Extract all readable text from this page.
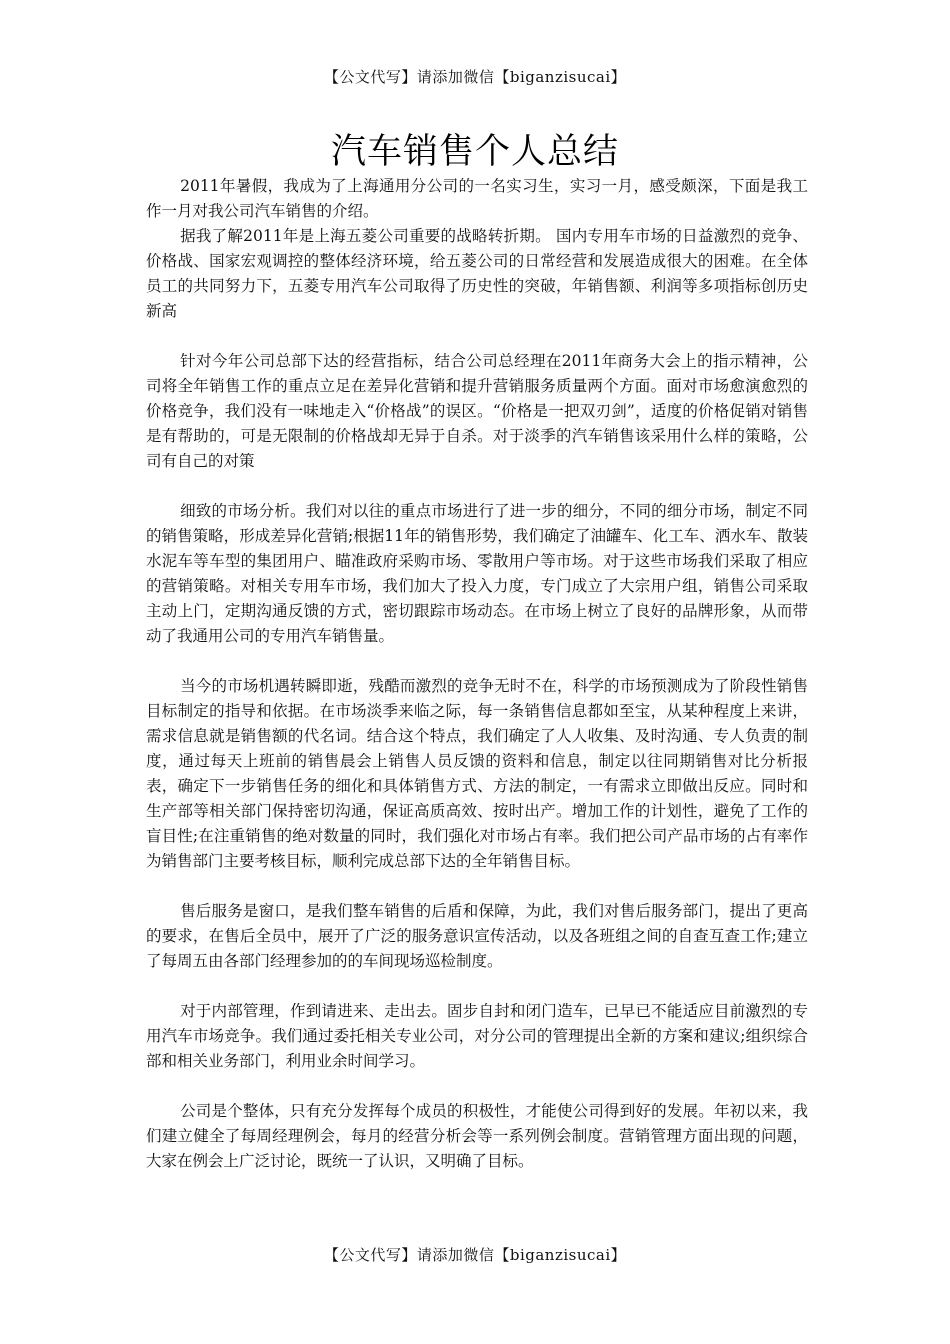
【公文代写】请添加微信【biganzisucai】
汽车销售个人总结

2011年暑假，我成为了上海通用分公司的一名实习生，实习一月，感受颇深，下面是我工作一月对我公司汽车销售的介绍。

据我了解2011年是上海五菱公司重要的战略转折期。 国内专用车市场的日益激烈的竞争、价格战、国家宏观调控的整体经济环境，给五菱公司的日常经营和发展造成很大的困难。在全体员工的共同努力下，五菱专用汽车公司取得了历史性的突破，年销售额、利润等多项指标创历史新高

针对今年公司总部下达的经营指标，结合公司总经理在2011年商务大会上的指示精神，公司将全年销售工作的重点立足在差异化营销和提升营销服务质量两个方面。面对市场愈演愈烈的价格竞争，我们没有一味地走入“价格战”的误区。“价格是一把双刃剑”，适度的价格促销对销售是有帮助的，可是无限制的价格战却无异于自杀。对于淡季的汽车销售该采用什么样的策略，公司有自己的对策

细致的市场分析。我们对以往的重点市场进行了进一步的细分，不同的细分市场，制定不同的销售策略，形成差异化营销;根据11年的销售形势，我们确定了油罐车、化工车、洒水车、散装水泥车等车型的集团用户、瞄准政府采购市场、零散用户等市场。对于这些市场我们采取了相应的营销策略。对相关专用车市场，我们加大了投入力度，专门成立了大宗用户组，销售公司采取主动上门，定期沟通反馈的方式，密切跟踪市场动态。在市场上树立了良好的品牌形象，从而带动了我通用公司的专用汽车销售量。

当今的市场机遇转瞬即逝，残酷而激烈的竞争无时不在，科学的市场预测成为了阶段性销售目标制定的指导和依据。在市场淡季来临之际，每一条销售信息都如至宝，从某种程度上来讲，需求信息就是销售额的代名词。结合这个特点，我们确定了人人收集、及时沟通、专人负责的制度，通过每天上班前的销售晨会上销售人员反馈的资料和信息，制定以往同期销售对比分析报表，确定下一步销售任务的细化和具体销售方式、方法的制定，一有需求立即做出反应。同时和生产部等相关部门保持密切沟通，保证高质高效、按时出产。增加工作的计划性，避免了工作的盲目性;在注重销售的绝对数量的同时，我们强化对市场占有率。我们把公司产品市场的占有率作为销售部门主要考核目标，顺利完成总部下达的全年销售目标。

售后服务是窗口，是我们整车销售的后盾和保障，为此，我们对售后服务部门，提出了更高的要求，在售后全员中，展开了广泛的服务意识宣传活动，以及各班组之间的自查互查工作;建立了每周五由各部门经理参加的的车间现场巡检制度。

对于内部管理，作到请进来、走出去。固步自封和闭门造车，已早已不能适应目前激烈的专用汽车市场竞争。我们通过委托相关专业公司，对分公司的管理提出全新的方案和建议;组织综合部和相关业务部门，利用业余时间学习。

公司是个整体，只有充分发挥每个成员的积极性，才能使公司得到好的发展。年初以来，我们建立健全了每周经理例会，每月的经营分析会等一系列例会制度。营销管理方面出现的问题，大家在例会上广泛讨论，既统一了认识，又明确了目标。

【公文代写】请添加微信【biganzisucai】
